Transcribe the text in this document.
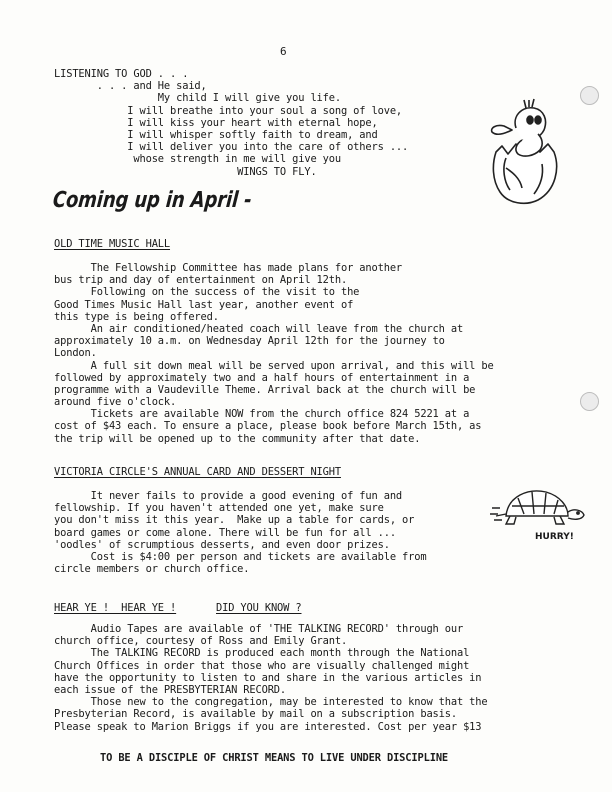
6
LISTENING TO GOD . . .
. . . and He said,
My child I will give you life.
I will breathe into your soul a song of love,
I will kiss your heart with eternal hope,
I will whisper softly faith to dream, and
I will deliver you into the care of others ...
whose strength in me will give you
WINGS TO FLY.
Coming up in April -
OLD TIME MUSIC HALL
The Fellowship Committee has made plans for another
bus trip and day of entertainment on April 12th.
Following on the success of the visit to the
Good Times Music Hall last year, another event of
this type is being offered.
An air conditioned/heated coach will leave from the church at
approximately 10 a.m. on Wednesday April 12th for the journey to
London.
A full sit down meal will be served upon arrival, and this will be
followed by approximately two and a half hours of entertainment in a
programme with a Vaudeville Theme. Arrival back at the church will be
around five o'clock.
Tickets are available NOW from the church office 824 5221 at a
cost of $43 each. To ensure a place, please book before March 15th, as
the trip will be opened up to the community after that date.
VICTORIA CIRCLE'S ANNUAL CARD AND DESSERT NIGHT
It never fails to provide a good evening of fun and
fellowship. If you haven't attended one yet, make sure
you don't miss it this year.  Make up a table for cards, or
board games or come alone. There will be fun for all ...
'oodles' of scrumptious desserts, and even door prizes.
Cost is $4:00 per person and tickets are available from
circle members or church office.
HURRY!
HEAR YE !  HEAR YE !	DID YOU KNOW ?
Audio Tapes are available of 'THE TALKING RECORD' through our
church office, courtesy of Ross and Emily Grant.
The TALKING RECORD is produced each month through the National
Church Offices in order that those who are visually challenged might
have the opportunity to listen to and share in the various articles in
each issue of the PRESBYTERIAN RECORD.
Those new to the congregation, may be interested to know that the
Presbyterian Record, is available by mail on a subscription basis.
Please speak to Marion Briggs if you are interested. Cost per year $13
TO BE A DISCIPLE OF CHRIST MEANS TO LIVE UNDER DISCIPLINE
